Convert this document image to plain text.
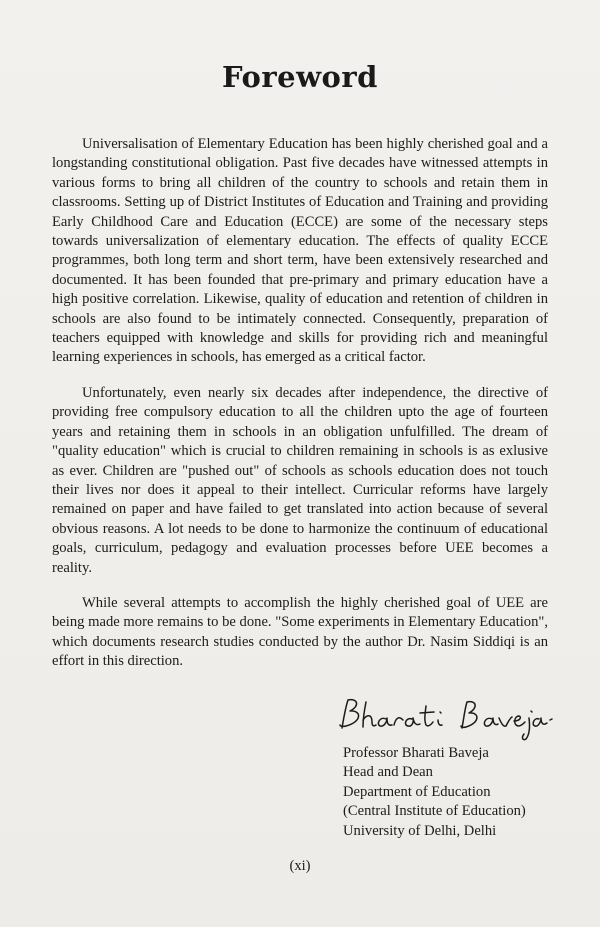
Foreword

Universalisation of Elementary Education has been highly cherished goal and a longstanding constitutional obligation. Past five decades have witnessed attempts in various forms to bring all children of the country to schools and retain them in classrooms. Setting up of District Institutes of Education and Training and providing Early Childhood Care and Education (ECCE) are some of the necessary steps towards universalization of elementary education. The effects of quality ECCE programmes, both long term and short term, have been extensively researched and documented. It has been founded that pre-primary and primary education have a high positive correlation. Likewise, quality of education and retention of children in schools are also found to be intimately connected. Consequently, preparation of teachers equipped with knowledge and skills for providing rich and meaningful learning experiences in schools, has emerged as a critical factor.

Unfortunately, even nearly six decades after independence, the directive of providing free compulsory education to all the children upto the age of fourteen years and retaining them in schools in an obligation unfulfilled. The dream of "quality education" which is crucial to children remaining in schools is as exlusive as ever. Children are "pushed out" of schools as schools education does not touch their lives nor does it appeal to their intellect. Curricular reforms have largely remained on paper and have failed to get translated into action because of several obvious reasons. A lot needs to be done to harmonize the continuum of educational goals, curriculum, pedagogy and evaluation processes before UEE becomes a reality.

While several attempts to accomplish the highly cherished goal of UEE are being made more remains to be done. "Some experiments in Elementary Education", which documents research studies conducted by the author Dr. Nasim Siddiqi is an effort in this direction.

Professor Bharati Baveja
Head and Dean
Department of Education
(Central Institute of Education)
University of Delhi, Delhi
(xi)
